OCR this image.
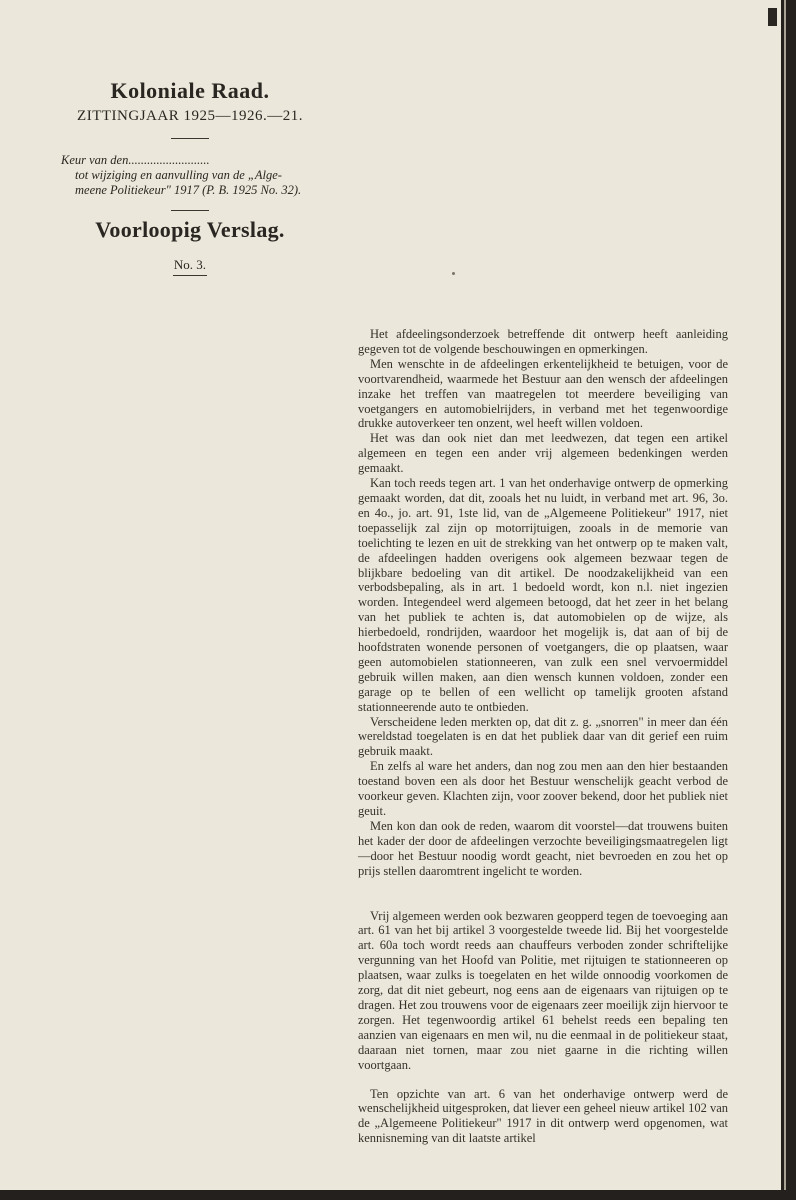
Koloniale Raad.
ZITTINGJAAR 1925—1926.—21.
Keur van den..........................
tot wijziging en aanvulling van de „Alge-
meene Politiekeur" 1917 (P. B. 1925 No. 32).
Voorloopig Verslag.
No. 3.

Het afdeelingsonderzoek betreffende dit ontwerp heeft aanleiding gegeven tot de volgende beschouwingen en opmerkingen.

Men wenschte in de afdeelingen erkentelijkheid te betuigen, voor de voortvarendheid, waarmede het Bestuur aan den wensch der afdeelingen inzake het treffen van maatregelen tot meerdere beveiliging van voetgangers en automobielrijders, in verband met het tegenwoordige drukke autoverkeer ten onzent, wel heeft willen voldoen.

Het was dan ook niet dan met leedwezen, dat tegen een artikel algemeen en tegen een ander vrij algemeen bedenkingen werden gemaakt.

Kan toch reeds tegen art. 1 van het onderhavige ontwerp de opmerking gemaakt worden, dat dit, zooals het nu luidt, in verband met art. 96, 3o. en 4o., jo. art. 91, 1ste lid, van de „Algemeene Politiekeur" 1917, niet toepasselijk zal zijn op motorrijtuigen, zooals in de memorie van toelichting te lezen en uit de strekking van het ontwerp op te maken valt, de afdeelingen hadden overigens ook algemeen bezwaar tegen de blijkbare bedoeling van dit artikel. De noodzakelijkheid van een verbodsbepaling, als in art. 1 bedoeld wordt, kon n.l. niet ingezien worden. Integendeel werd algemeen betoogd, dat het zeer in het belang van het publiek te achten is, dat automobielen op de wijze, als hierbedoeld, rondrijden, waardoor het mogelijk is, dat aan of bij de hoofdstraten wonende personen of voetgangers, die op plaatsen, waar geen automobielen stationneeren, van zulk een snel vervoermiddel gebruik willen maken, aan dien wensch kunnen voldoen, zonder een garage op te bellen of een wellicht op tamelijk grooten afstand stationneerende auto te ontbieden.

Verscheidene leden merkten op, dat dit z. g. „snorren" in meer dan één wereldstad toegelaten is en dat het publiek daar van dit gerief een ruim gebruik maakt.

En zelfs al ware het anders, dan nog zou men aan den hier bestaanden toestand boven een als door het Bestuur wenschelijk geacht verbod de voorkeur geven. Klachten zijn, voor zoover bekend, door het publiek niet geuit.

Men kon dan ook de reden, waarom dit voorstel—dat trouwens buiten het kader der door de afdeelingen verzochte beveiligingsmaatregelen ligt—door het Bestuur noodig wordt geacht, niet bevroeden en zou het op prijs stellen daaromtrent ingelicht te worden.

Vrij algemeen werden ook bezwaren geopperd tegen de toevoeging aan art. 61 van het bij artikel 3 voorgestelde tweede lid. Bij het voorgestelde art. 60a toch wordt reeds aan chauffeurs verboden zonder schriftelijke vergunning van het Hoofd van Politie, met rijtuigen te stationneeren op plaatsen, waar zulks is toegelaten en het wilde onnoodig voorkomen de zorg, dat dit niet gebeurt, nog eens aan de eigenaars van rijtuigen op te dragen. Het zou trouwens voor de eigenaars zeer moeilijk zijn hiervoor te zorgen. Het tegenwoordig artikel 61 behelst reeds een bepaling ten aanzien van eigenaars en men wil, nu die eenmaal in de politiekeur staat, daaraan niet tornen, maar zou niet gaarne in die richting willen voortgaan.

Ten opzichte van art. 6 van het onderhavige ontwerp werd de wenschelijkheid uitgesproken, dat liever een geheel nieuw artikel 102 van de „Algemeene Politiekeur" 1917 in dit ontwerp werd opgenomen, wat kennisneming van dit laatste artikel
